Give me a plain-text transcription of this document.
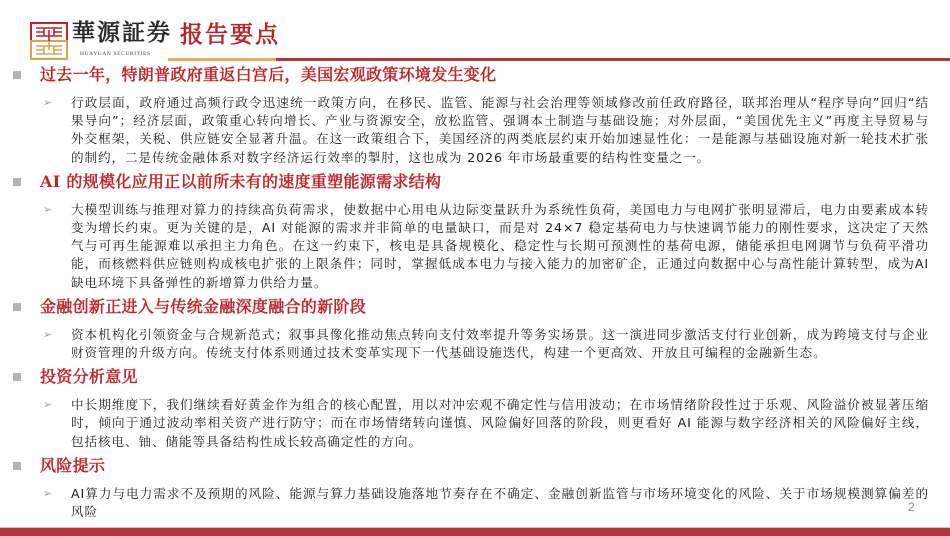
華源証券
HUAYUAN SECURITIES
报告要点
过去一年，特朗普政府重返白宫后，美国宏观政策环境发生变化
➢ 行政层面，政府通过高频行政令迅速统一政策方向，在移民、监管、能源与社会治理等领域修改前任政府路径，联邦治理从“程序导向”回归“结果导向”；经济层面，政策重心转向增长、产业与资源安全，放松监管、强调本土制造与基础设施；对外层面，“美国优先主义”再度主导贸易与外交框架，关税、供应链安全显著升温。在这一政策组合下，美国经济的两类底层约束开始加速显性化：一是能源与基础设施对新一轮技术扩张的制约，二是传统金融体系对数字经济运行效率的掣肘，这也成为 2026 年市场最重要的结构性变量之一。
AI 的规模化应用正以前所未有的速度重塑能源需求结构
➢ 大模型训练与推理对算力的持续高负荷需求，使数据中心用电从边际变量跃升为系统性负荷，美国电力与电网扩张明显滞后，电力由要素成本转变为增长约束。更为关键的是，AI 对能源的需求并非简单的电量缺口，而是对 24×7 稳定基荷电力与快速调节能力的刚性要求，这决定了天然气与可再生能源难以承担主力角色。在这一约束下，核电是具备规模化、稳定性与长期可预测性的基荷电源，储能承担电网调节与负荷平滑功能，而核燃料供应链则构成核电扩张的上限条件；同时，掌握低成本电力与接入能力的加密矿企，正通过向数据中心与高性能计算转型，成为AI缺电环境下具备弹性的新增算力供给力量。
金融创新正进入与传统金融深度融合的新阶段
➢ 资本机构化引领资金与合规新范式；叙事具像化推动焦点转向支付效率提升等务实场景。这一演进同步激活支付行业创新，成为跨境支付与企业财资管理的升级方向。传统支付体系则通过技术变革实现下一代基础设施迭代，构建一个更高效、开放且可编程的金融新生态。
投资分析意见
➢ 中长期维度下，我们继续看好黄金作为组合的核心配置，用以对冲宏观不确定性与信用波动；在市场情绪阶段性过于乐观、风险溢价被显著压缩时，倾向于通过波动率相关资产进行防守；而在市场情绪转向谨慎、风险偏好回落的阶段，则更看好 AI 能源与数字经济相关的风险偏好主线，包括核电、铀、储能等具备结构性成长较高确定性的方向。
风险提示
➢ AI算力与电力需求不及预期的风险、能源与算力基础设施落地节奏存在不确定、金融创新监管与市场环境变化的风险、关于市场规模测算偏差的风险	2
